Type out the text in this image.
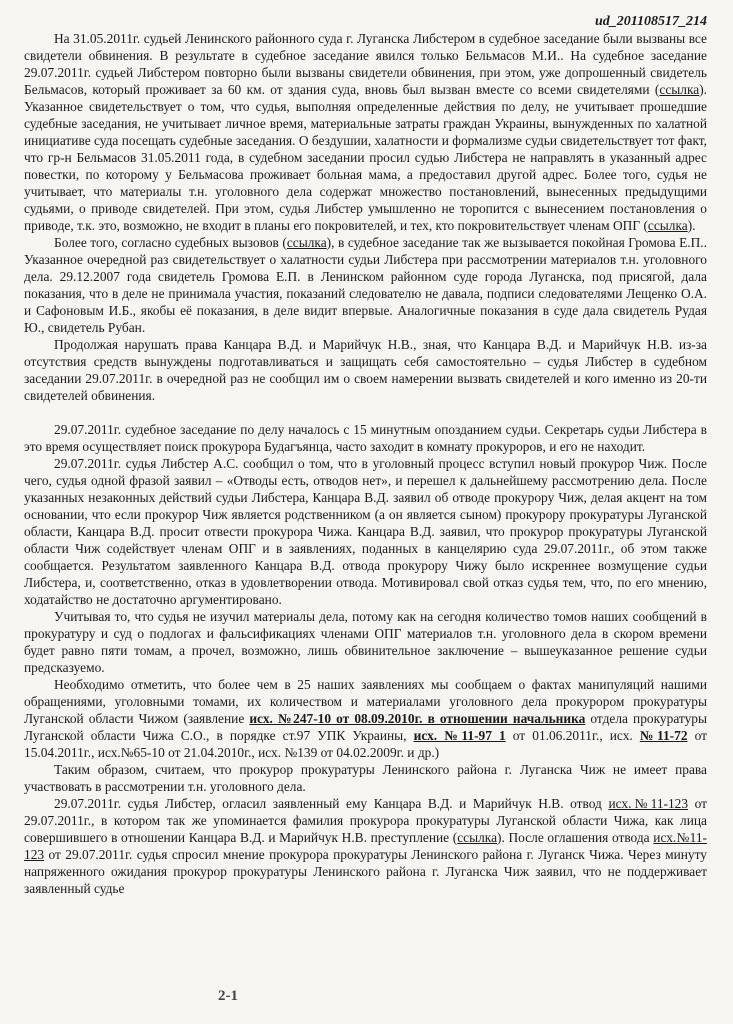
ud_201108517_214

На 31.05.2011г. судьей Ленинского районного суда г. Луганска Либстером в судебное заседание были вызваны все свидетели обвинения. В результате в судебное заседание явился только Бельмасов М.И.. На судебное заседание 29.07.2011г. судьей Либстером повторно были вызваны свидетели обвинения, при этом, уже допрошенный свидетель Бельмасов, который проживает за 60 км. от здания суда, вновь был вызван вместе со всеми свидетелями (ссылка). Указанное свидетельствует о том, что судья, выполняя определенные действия по делу, не учитывает прошедшие судебные заседания, не учитывает личное время, материальные затраты граждан Украины, вынужденных по халатной инициативе суда посещать судебные заседания. О бездушии, халатности и формализме судьи свидетельствует тот факт, что гр-н Бельмасов 31.05.2011 года, в судебном заседании просил судью Либстера не направлять в указанный адрес повестки, по которому у Бельмасова проживает больная мама, а предоставил другой адрес. Более того, судья не учитывает, что материалы т.н. уголовного дела содержат множество постановлений, вынесенных предыдущими судьями, о приводе свидетелей. При этом, судья Либстер умышленно не торопится с вынесением постановления о приводе, т.к. это, возможно, не входит в планы его покровителей, и тех, кто покровительствует членам ОПГ (ссылка).

Более того, согласно судебных вызовов (ссылка), в судебное заседание так же вызывается покойная Громова Е.П.. Указанное очередной раз свидетельствует о халатности судьи Либстера при рассмотрении материалов т.н. уголовного дела. 29.12.2007 года свидетель Громова Е.П. в Ленинском районном суде города Луганска, под присягой, дала показания, что в деле не принимала участия, показаний следователю не давала, подписи следователями Лещенко О.А. и Сафоновым И.Б., якобы её показания, в деле видит впервые. Аналогичные показания в суде дала свидетель Рудая Ю., свидетель Рубан.

Продолжая нарушать права Канцара В.Д. и Марийчук Н.В., зная, что Канцара В.Д. и Марийчук Н.В. из-за отсутствия средств вынуждены подготавливаться и защищать себя самостоятельно – судья Либстер в судебном заседании 29.07.2011г. в очередной раз не сообщил им о своем намерении вызвать свидетелей и кого именно из 20-ти свидетелей обвинения.

29.07.2011г. судебное заседание по делу началось с 15 минутным опозданием судьи. Секретарь судьи Либстера в это время осуществляет поиск прокурора Будагъянца, часто заходит в комнату прокуроров, и его не находит.

29.07.2011г. судья Либстер А.С. сообщил о том, что в уголовный процесс вступил новый прокурор Чиж. После чего, судья одной фразой заявил – «Отводы есть, отводов нет», и перешел к дальнейшему рассмотрению дела. После указанных незаконных действий судьи Либстера, Канцара В.Д. заявил об отводе прокурору Чиж, делая акцент на том основании, что если прокурор Чиж является родственником (а он является сыном) прокурору прокуратуры Луганской области, Канцара В.Д. просит отвести прокурора Чижа. Канцара В.Д. заявил, что прокурор прокуратуры Луганской области Чиж содействует членам ОПГ и в заявлениях, поданных в канцелярию суда 29.07.2011г., об этом также сообщается. Результатом заявленного Канцара В.Д. отвода прокурору Чижу было искреннее возмущение судьи Либстера, и, соответственно, отказ в удовлетворении отвода. Мотивировал свой отказ судья тем, что, по его мнению, ходатайство не достаточно аргументировано.

Учитывая то, что судья не изучил материалы дела, потому как на сегодня количество томов наших сообщений в прокуратуру и суд о подлогах и фальсификациях членами ОПГ материалов т.н. уголовного дела в скором времени будет равно пяти томам, а прочел, возможно, лишь обвинительное заключение – вышеуказанное решение судьи предсказуемо.

Необходимо отметить, что более чем в 25 наших заявлениях мы сообщаем о фактах манипуляций нашими обращениями, уголовными томами, их количеством и материалами уголовного дела прокурором прокуратуры Луганской области Чижом (заявление исх. №247-10 от 08.09.2010г. в отношении начальника отдела прокуратуры Луганской области Чижа С.О., в порядке ст.97 УПК Украины, исх. №11-97 1 от 01.06.2011г., исх. №11-72 от 15.04.2011г., исх.№65-10 от 21.04.2010г., исх. №139 от 04.02.2009г. и др.)

Таким образом, считаем, что прокурор прокуратуры Ленинского района г. Луганска Чиж не имеет права участвовать в рассмотрении т.н. уголовного дела.

29.07.2011г. судья Либстер, огласил заявленный ему Канцара В.Д. и Марийчук Н.В. отвод исх.№11-123 от 29.07.2011г., в котором так же упоминается фамилия прокурора прокуратуры Луганской области Чижа, как лица совершившего в отношении Канцара В.Д. и Марийчук Н.В. преступление (ссылка). После оглашения отвода исх.№11-123 от 29.07.2011г. судья спросил мнение прокурора прокуратуры Ленинского района г. Луганск Чижа. Через минуту напряженного ожидания прокурор прокуратуры Ленинского района г. Луганска Чиж заявил, что не поддерживает заявленный судье

2-1
